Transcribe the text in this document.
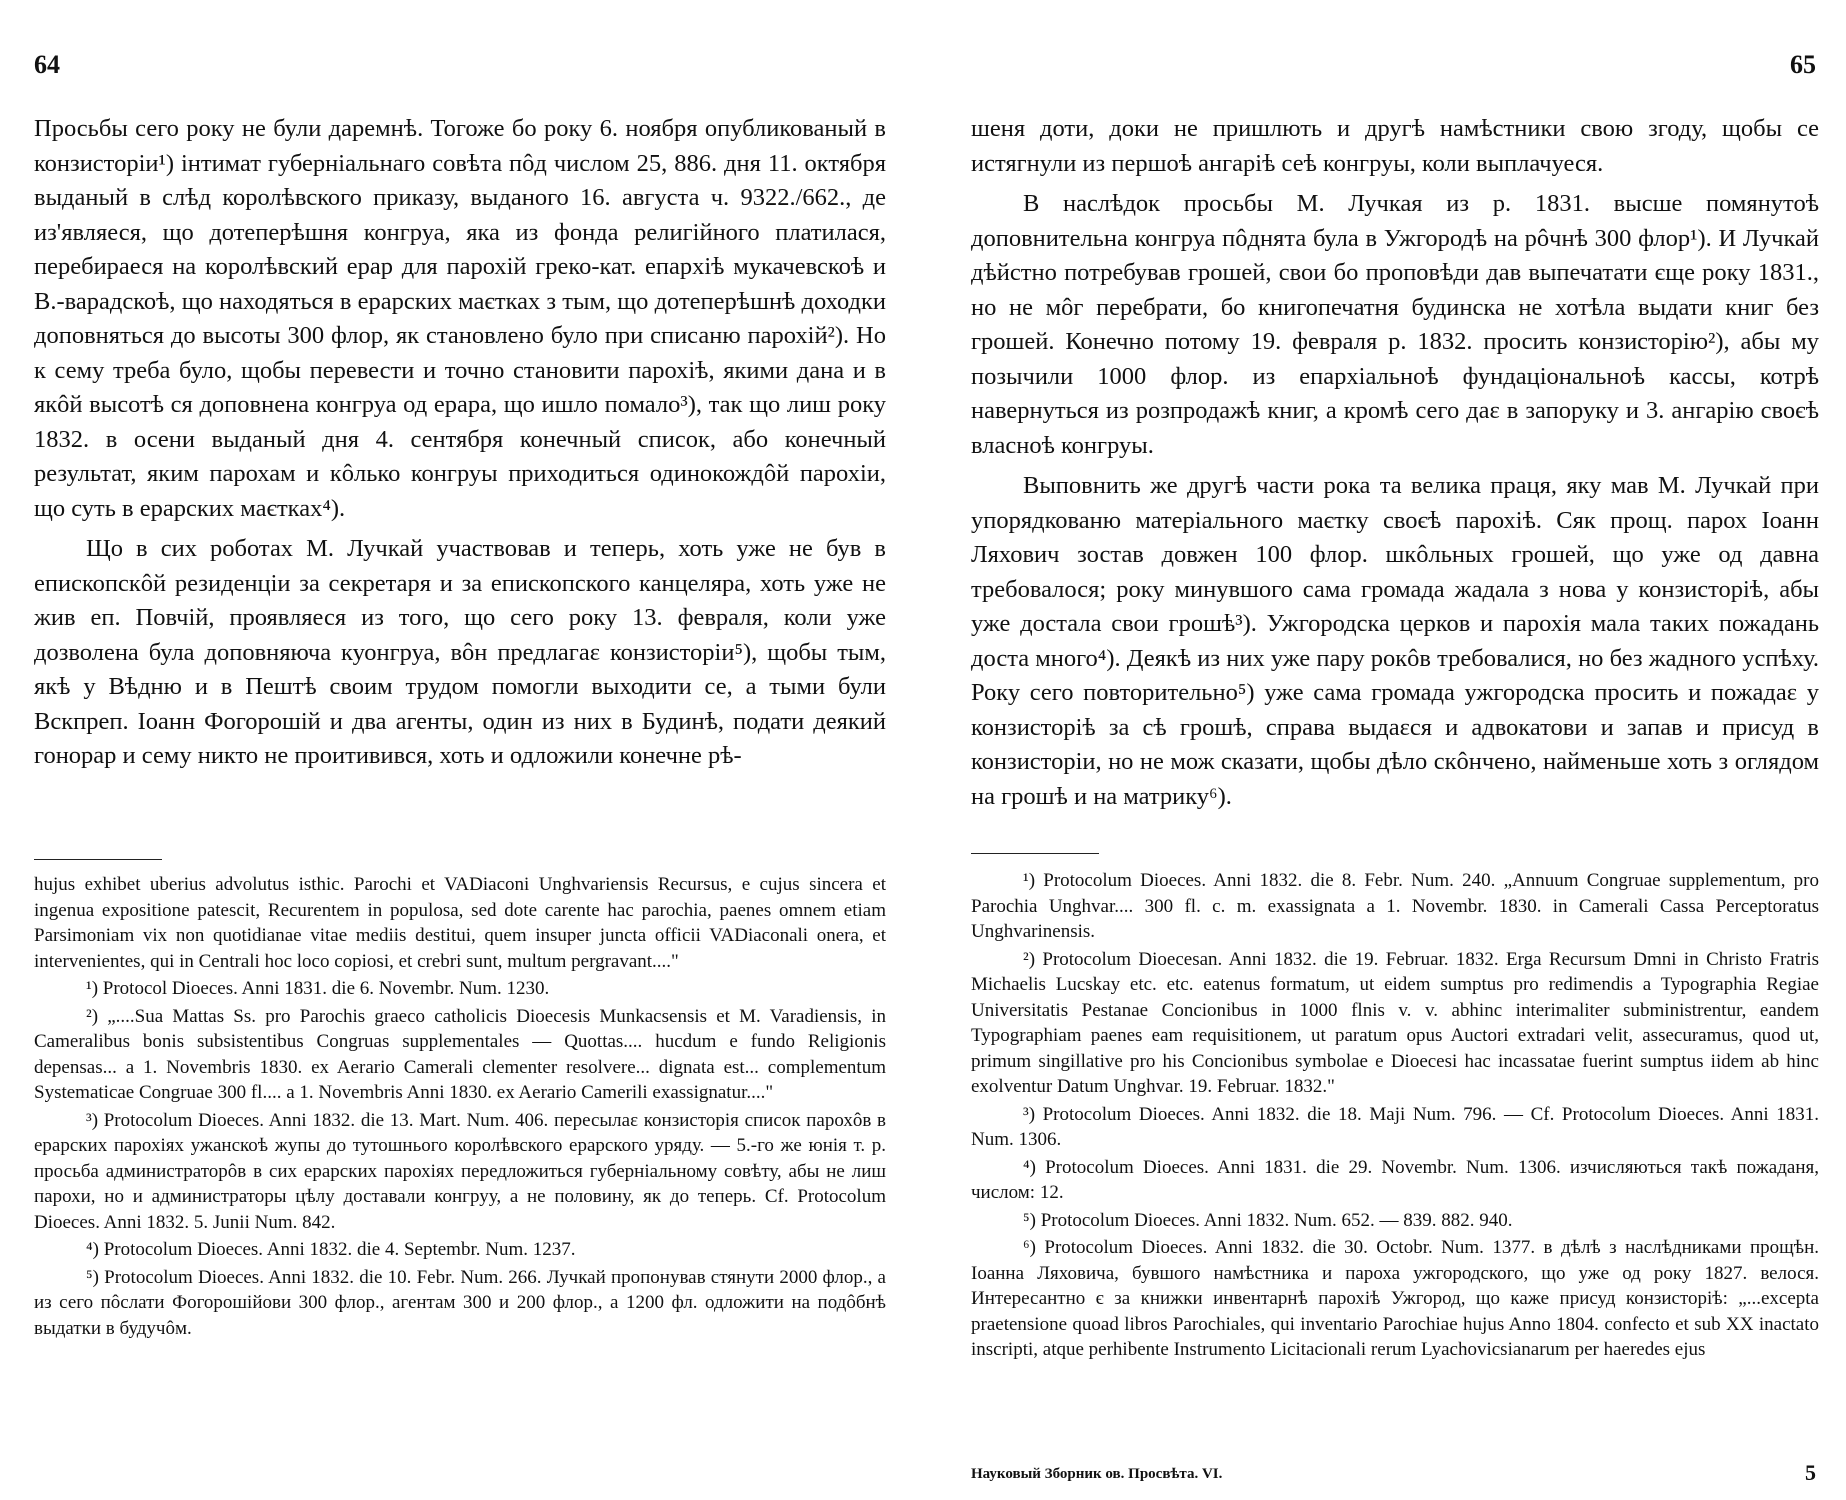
64

Просьбы сего року не були даремнѣ. Тогоже бо року 6. ноября опубликованый в конзисторіи¹) інтимат губерніальнаго совѣта пôд числом 25, 886. дня 11. октября выданый в слѣд королѣвского приказу, выданого 16. августа ч. 9322./662., де из'являеся, що дотеперѣшня конгруа, яка из фонда религійного платилася, перебираеся на королѣвский ерар для парохій греко-кат. епархіѣ мукачевскоѣ и В.-варадскоѣ, що находяться в ерарских маєтках з тым, що дотеперѣшнѣ доходки доповняться до высоты 300 флор, як становлено було при списаню парохій²). Но к сему треба було, щобы перевести и точно становити парохіѣ, якими дана и в якôй высотѣ ся доповнена конгруа од ерара, що ишло помало³), так що лиш року 1832. в осени выданый дня 4. сентября конечный список, або конечный результат, яким парохам и кôлько конгруы приходиться одинокождôй парохіи, що суть в ерарских маєтках⁴).

Що в сих роботах М. Лучкай участвовав и теперь, хоть уже не був в епископскôй резиденціи за секретаря и за епископского канцеляра, хоть уже не жив еп. Повчій, проявляеся из того, що сего року 13. февраля, коли уже дозволена була доповняюча куонгруа, вôн предлагаε конзисторіи⁵), щобы тым, якѣ у Вѣдню и в Пештѣ своим трудом помогли выходити се, а тыми були Вскпреп. Іоанн Фогорошій и два агенты, один из них в Будинѣ, подати деякий гонорар и сему никто не проитивився, хоть и одложили конечне рѣ-

hujus exhibet uberius advolutus isthic. Parochi et VADiaconi Unghvariensis Recursus, e cujus sincera et ingenua expositione patescit, Recurentem in populosa, sed dote carente hac parochia, paenes omnem etiam Parsimoniam vix non quotidianae vitae mediis destitui, quem insuper juncta officii VADiaconali onera, et intervenientes, qui in Centrali hoc loco copiosi, et crebri sunt, multum pergravant...."

¹) Protocol Dioeces. Anni 1831. die 6. Novembr. Num. 1230.

²) „....Sua Mattas Ss. pro Parochis graeco catholicis Dioecesis Munkacsensis et M. Varadiensis, in Cameralibus bonis subsistentibus Congruas supplementales — Quottas.... hucdum e fundo Religionis depensas... a 1. Novembris 1830. ex Aerario Camerali clementer resolvere... dignata est... complementum Systematicae Congruae 300 fl.... a 1. Novembris Anni 1830. ex Aerario Camerili exassignatur...."

³) Protocolum Dioeces. Anni 1832. die 13. Mart. Num. 406. пересылаε конзисторія список парохôв в ерарских парохіях ужанскоѣ жупы до тутошнього королѣвского ерарского уряду. — 5.-го же юнія т. р. просьба администраторôв в сих ерарских парохіях передложиться губерніальному совѣту, абы не лиш парохи, но и администраторы цѣлу доставали конгруу, а не половину, як до теперь. Cf. Protocolum Dioeces. Anni 1832. 5. Junii Num. 842.

⁴) Protocolum Dioeces. Anni 1832. die 4. Septembr. Num. 1237.

⁵) Protocolum Dioeces. Anni 1832. die 10. Febr. Num. 266. Лучкай пропонував стянути 2000 флор., а из сего пôслати Фогорошійови 300 флор., агентам 300 и 200 флор., а 1200 фл. одложити на подôбнѣ выдатки в будучôм.

65

шеня доти, доки не пришлють и другѣ намѣстники свою згоду, щобы се истягнули из першоѣ ангаріѣ сеѣ конгруы, коли выплачуеся.

В наслѣдок просьбы М. Лучкая из р. 1831. высше помянутоѣ доповнительна конгруа пôднята була в Ужгородѣ на рôчнѣ 300 флор¹). И Лучкай дѣйстно потребував грошей, свои бо проповѣди дав выпечатати єще року 1831., но не мôг перебрати, бо книгопечатня будинска не хотѣла выдати книг без грошей. Конечно потому 19. февраля р. 1832. просить конзисторію²), абы му позычили 1000 флор. из епархіальноѣ фундаціональноѣ кассы, котрѣ навернуться из розпродажѣ книг, а кромѣ сего даε в запоруку и 3. ангарію своєѣ власноѣ конгруы.

Выповнить же другѣ части рока та велика праця, яку мав М. Лучкай при упорядкованю матеріального маєтку своєѣ парохіѣ. Сяк прощ. парох Іоанн Ляхович зостав довжен 100 флор. шкôльных грошей, що уже од давна требовалося; року минувшого сама громада жадала з нова у конзисторіѣ, абы уже достала свои грошѣ³). Ужгородска церков и парохія мала таких пожадань доста много⁴). Деякѣ из них уже пару рокôв требовалися, но без жадного успѣху. Року сего повторительно⁵) уже сама громада ужгородска просить и пожадаε у конзисторіѣ за сѣ грошѣ, справа выдаεся и адвокатови и запав и присуд в конзисторіи, но не мож сказати, щобы дѣло скôнчено, найменьше хоть з оглядом на грошѣ и на матрику⁶).

¹) Protocolum Dioeces. Anni 1832. die 8. Febr. Num. 240. „Annuum Congruae supplementum, pro Parochia Unghvar.... 300 fl. c. m. exassignata a 1. Novembr. 1830. in Camerali Cassa Perceptoratus Unghvarinensis.

²) Protocolum Dioecesan. Anni 1832. die 19. Februar. 1832. Erga Recursum Dmni in Christo Fratris Michaelis Lucskay etc. etc. eatenus formatum, ut eidem sumptus pro redimendis a Typographia Regiae Universitatis Pestanae Concionibus in 1000 flnis v. v. abhinc interimaliter subministrentur, eandem Typographiam paenes eam requisitionem, ut paratum opus Auctori extradari velit, assecuramus, quod ut, primum singillative pro his Concionibus symbolae e Dioecesi hac incassatae fuerint sumptus iidem ab hinc exolventur Datum Unghvar. 19. Februar. 1832."

³) Protocolum Dioeces. Anni 1832. die 18. Maji Num. 796. — Cf. Protocolum Dioeces. Anni 1831. Num. 1306.

⁴) Protocolum Dioeces. Anni 1831. die 29. Novembr. Num. 1306. изчисляються такѣ пожаданя, числом: 12.

⁵) Protocolum Dioeces. Anni 1832. Num. 652. — 839. 882. 940.

⁶) Protocolum Dioeces. Anni 1832. die 30. Octobr. Num. 1377. в дѣлѣ з наслѣдниками прощѣн. Іоанна Ляховича, бувшого намѣстника и пароха ужгородского, що уже од року 1827. велося. Интересантно є за книжки инвентарнѣ парохіѣ Ужгород, що каже присуд конзисторіѣ: „...excepta praetensione quoad libros Parochiales, qui inventario Parochiae hujus Anno 1804. confecto et sub XX inactato inscripti, atque perhibente Instrumento Licitacionali rerum Lyachovicsianarum per haeredes ejus

Науковый Зборник ов. Просвѣта. VI.	5
